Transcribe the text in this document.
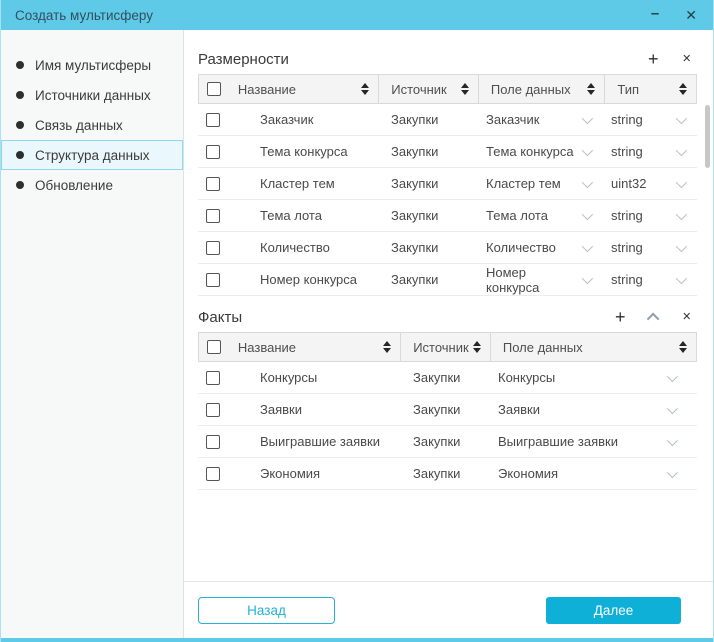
Создать мультисферу	– ✕
Имя мультисферы
Источники данных
Связь данных
Структура данных
Обновление
Размерности	+ ×
Название	Источник	Поле данных	Тип
Заказчик	Закупки	Заказчик	string
Тема конкурса	Закупки	Тема конкурса	string
Кластер тем	Закупки	Кластер тем	uint32
Тема лота	Закупки	Тема лота	string
Количество	Закупки	Количество	string
Номер конкурса	Закупки	Номер конкурса	string
Факты	+	×
Название	Источник	Поле данных
Конкурсы	Закупки	Конкурсы
Заявки	Закупки	Заявки
Выигравшие заявки	Закупки	Выигравшие заявки
Экономия	Закупки	Экономия
Назад	Далее
